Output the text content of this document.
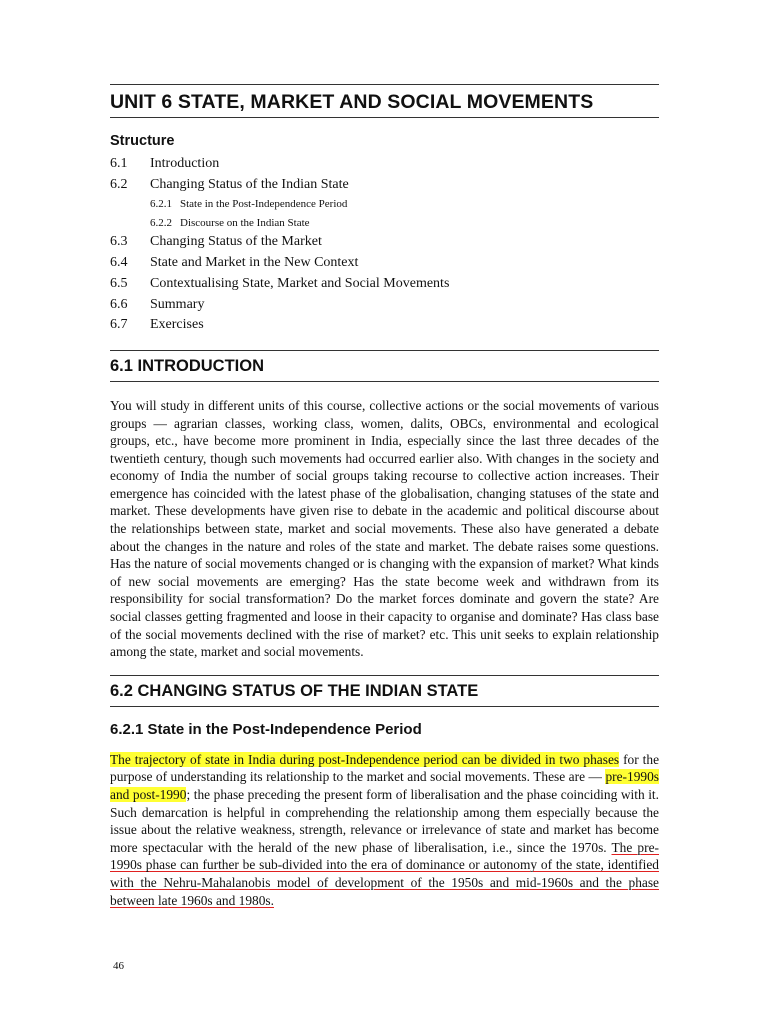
UNIT 6 STATE, MARKET AND SOCIAL MOVEMENTS
Structure
6.1	Introduction
6.2	Changing Status of the Indian State
6.2.1 State in the Post-Independence Period
6.2.2 Discourse on the Indian State
6.3	Changing Status of the Market
6.4	State and Market in the New Context
6.5	Contextualising State, Market and Social Movements
6.6	Summary
6.7	Exercises
6.1 INTRODUCTION

You will study in different units of this course, collective actions or the social movements of various groups — agrarian classes, working class, women, dalits, OBCs, environmental and ecological groups, etc., have become more prominent in India, especially since the last three decades of the twentieth century, though such movements had occurred earlier also. With changes in the society and economy of India the number of social groups taking recourse to collective action increases. Their emergence has coincided with the latest phase of the globalisation, changing statuses of the state and market. These developments have given rise to debate in the academic and political discourse about the relationships between state, market and social movements. These also have generated a debate about the changes in the nature and roles of the state and market. The debate raises some questions. Has the nature of social movements changed or is changing with the expansion of market? What kinds of new social movements are emerging? Has the state become week and withdrawn from its responsibility for social transformation? Do the market forces dominate and govern the state? Are social classes getting fragmented and loose in their capacity to organise and dominate? Has class base of the social movements declined with the rise of market? etc. This unit seeks to explain relationship among the state, market and social movements.

6.2 CHANGING STATUS OF THE INDIAN STATE
6.2.1 State in the Post-Independence Period

The trajectory of state in India during post-Independence period can be divided in two phases for the purpose of understanding its relationship to the market and social movements. These are — pre-1990s and post-1990; the phase preceding the present form of liberalisation and the phase coinciding with it. Such demarcation is helpful in comprehending the relationship among them especially because the issue about the relative weakness, strength, relevance or irrelevance of state and market has become more spectacular with the herald of the new phase of liberalisation, i.e., since the 1970s. The pre-1990s phase can further be sub-divided into the era of dominance or autonomy of the state, identified with the Nehru-Mahalanobis model of development of the 1950s and mid-1960s and the phase between late 1960s and 1980s.

46
